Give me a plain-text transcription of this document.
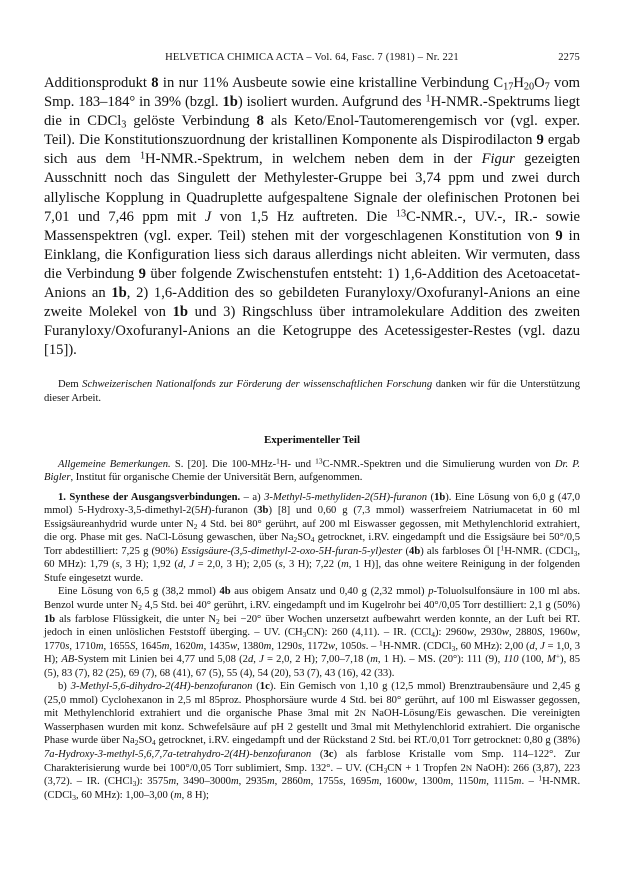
HELVETICA CHIMICA ACTA – Vol. 64, Fasc. 7 (1981) – Nr. 221	2275

Additionsprodukt 8 in nur 11% Ausbeute sowie eine kristalline Verbindung $C_{17}H_{20}O_7$ vom Smp. 183–184° in 39% (bzgl. 1b) isoliert wurden. Aufgrund des $^1$H-NMR.-Spektrums liegt die in CDCl$_3$ gelöste Verbindung 8 als Keto/Enol-Tautomerengemisch vor (vgl. exper. Teil). Die Konstitutionszuordnung der kristallinen Komponente als Dispirodilacton 9 ergab sich aus dem $^1$H-NMR.-Spektrum, in welchem neben dem in der Figur gezeigten Ausschnitt noch das Singulett der Methylester-Gruppe bei 3,74 ppm und zwei durch allylische Kopplung in Quadruplette aufgespaltene Signale der olefinischen Protonen bei 7,01 und 7,46 ppm mit J von 1,5 Hz auftreten. Die $^{13}$C-NMR.-, UV.-, IR.- sowie Massenspektren (vgl. exper. Teil) stehen mit der vorgeschlagenen Konstitution von 9 in Einklang, die Konfiguration liess sich daraus allerdings nicht ableiten. Wir vermuten, dass die Verbindung 9 über folgende Zwischenstufen entsteht: 1) 1,6-Addition des Acetoacetat-Anions an 1b, 2) 1,6-Addition des so gebildeten Furanyloxy/Oxofuranyl-Anions an eine zweite Molekel von 1b und 3) Ringschluss über intramolekulare Addition des zweiten Furanyloxy/Oxofuranyl-Anions an die Ketogruppe des Acetessigester-Restes (vgl. dazu [15]).

Dem Schweizerischen Nationalfonds zur Förderung der wissenschaftlichen Forschung danken wir für die Unterstützung dieser Arbeit.

Experimenteller Teil

Allgemeine Bemerkungen. S. [20]. Die 100-MHz-$^1$H- und $^{13}$C-NMR.-Spektren und die Simulierung wurden von Dr. P. Bigler, Institut für organische Chemie der Universität Bern, aufgenommen.

1. Synthese der Ausgangsverbindungen. – a) 3-Methyl-5-methyliden-2(5H)-furanon (1b). Eine Lösung von 6,0 g (47,0 mmol) 5-Hydroxy-3,5-dimethyl-2(5H)-furanon (3b) [8] und 0,60 g (7,3 mmol) wasserfreiem Natriumacetat in 60 ml Essigsäureanhydrid wurde unter $N_2$ 4 Std. bei 80° gerührt, auf 200 ml Eiswasser gegossen, mit Methylenchlorid extrahiert, die org. Phase mit ges. NaCl-Lösung gewaschen, über $Na_2SO_4$ getrocknet, i.RV. eingedampft und die Essigsäure bei 50°/0,5 Torr abdestilliert: 7,25 g (90%) Essigsäure-(3,5-dimethyl-2-oxo-5H-furan-5-yl)ester (4b) als farbloses Öl [$^1$H-NMR. (CDCl$_3$, 60 MHz): 1,79 (s, 3 H); 1,92 (d, J = 2,0, 3 H); 2,05 (s, 3 H); 7,22 (m, 1 H)], das ohne weitere Reinigung in der folgenden Stufe eingesetzt wurde.

Eine Lösung von 6,5 g (38,2 mmol) 4b aus obigem Ansatz und 0,40 g (2,32 mmol) p-Toluolsulfonsäure in 100 ml abs. Benzol wurde unter $N_2$ 4,5 Std. bei 40° gerührt, i.RV. eingedampft und im Kugelrohr bei 40°/0,05 Torr destilliert: 2,1 g (50%) 1b als farblose Flüssigkeit, die unter $N_2$ bei −20° über Wochen unzersetzt aufbewahrt werden konnte, an der Luft bei RT. jedoch in einen unlöslichen Feststoff überging. – UV. $(CH_3CN)$: 260 (4,11). – IR. (CCl$_4$): 2960w, 2930w, 2880S, 1960w, 1770s, 1710m, 1655S, 1645m, 1620m, 1435w, 1380m, 1290s, 1172w, 1050s. – $^1$H-NMR. (CDCl$_3$, 60 MHz): 2,00 (d, J = 1,0, 3 H); AB-System mit Linien bei 4,77 und 5,08 (2d, J = 2,0, 2 H); 7,00–7,18 (m, 1 H). – MS. (20°): 111 (9), 110 (100, M+), 85 (5), 83 (7), 82 (25), 69 (7), 68 (41), 67 (5), 55 (4), 54 (20), 53 (7), 43 (16), 42 (33).

b) 3-Methyl-5,6-dihydro-2(4H)-benzofuranon (1c). Ein Gemisch von 1,10 g (12,5 mmol) Brenztraubensäure und 2,45 g (25,0 mmol) Cyclohexanon in 2,5 ml 85proz. Phosphorsäure wurde 4 Std. bei 80° gerührt, auf 100 ml Eiswasser gegossen, mit Methylenchlorid extrahiert und die organische Phase 3mal mit 2N NaOH-Lösung/Eis gewaschen. Die vereinigten Wasserphasen wurden mit konz. Schwefelsäure auf pH 2 gestellt und 3mal mit Methylenchlorid extrahiert. Die organische Phase wurde über $Na_2SO_4$ getrocknet, i.RV. eingedampft und der Rückstand 2 Std. bei RT./0,01 Torr getrocknet: 0,80 g (38%) 7a-Hydroxy-3-methyl-5,6,7,7a-tetrahydro-2(4H)-benzofuranon (3c) als farblose Kristalle vom Smp. 114–122°. Zur Charakterisierung wurde bei 100°/0,05 Torr sublimiert, Smp. 132°. – UV. ($CH_3CN + 1$ Tropfen 2N NaOH): 266 (3,87), 223 (3,72). – IR. (CHCl$_3$): 3575m, 3490–3000m, 2935m, 2860m, 1755s, 1695m, 1600w, 1300m, 1150m, 1115m. – $^1$H-NMR. (CDCl$_3$, 60 MHz): 1,00–3,00 (m, 8 H);
